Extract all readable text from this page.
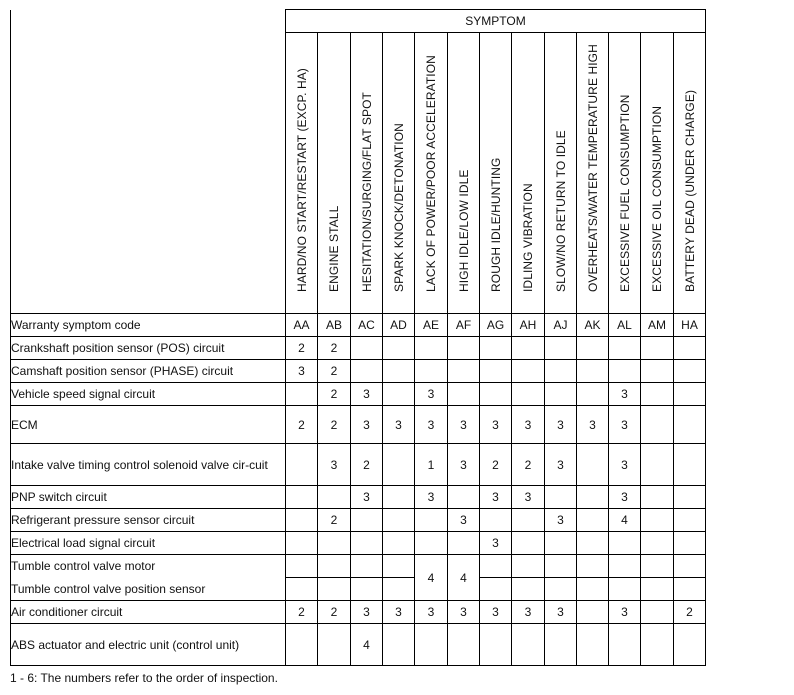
	SYMPTOM												

	HARD/NO START/RESTART (EXCP. HA)	ENGINE STALL	HESITATION/SURGING/FLAT SPOT	SPARK KNOCK/DETONATION	LACK OF POWER/POOR ACCELERATION	HIGH IDLE/LOW IDLE	ROUGH IDLE/HUNTING	IDLING VIBRATION	SLOW/NO RETURN TO IDLE	OVERHEATS/WATER TEMPERATURE HIGH	EXCESSIVE FUEL CONSUMPTION	EXCESSIVE OIL CONSUMPTION	BATTERY DEAD (UNDER CHARGE)

Warranty symptom code	AA	AB	AC	AD	AE	AF	AG	AH	AJ	AK	AL	AM	HA
Crankshaft position sensor (POS) circuit	2	2											
Camshaft position sensor (PHASE) circuit	3	2											
Vehicle speed signal circuit		2	3		3						3		
ECM	2	2	3	3	3	3	3	3	3	3	3		
Intake valve timing control solenoid valve cir-cuit		3	2		1	3	2	2	3		3		
PNP switch circuit			3		3		3	3			3		
Refrigerant pressure sensor circuit		2				3			3		4		
Electrical load signal circuit							3						
Tumble control valve motor					4	4							
Tumble control valve position sensor													
Air conditioner circuit	2	2	3	3	3	3	3	3	3		3		2
ABS actuator and electric unit (control unit)			4										
1 - 6: The numbers refer to the order of inspection.
